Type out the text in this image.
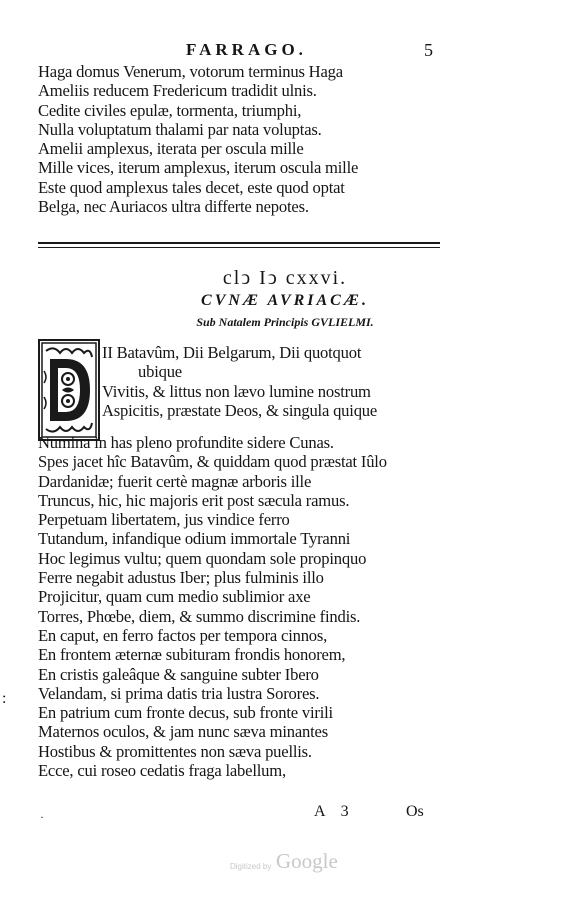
FARRAGO.	5

Haga domus Venerum, votorum terminus Haga

Ameliis reducem Fredericum tradidit ulnis.

Cedite civiles epulæ, tormenta, triumphi,

Nulla voluptatum thalami par nata voluptas.

Amelii amplexus, iterata per oscula mille

Mille vices, iterum amplexus, iterum oscula mille

Este quod amplexus tales decet, este quod optat

Belga, nec Auriacos ultra differte nepotes.

clↄ Iↄ cxxvi.
CVNÆ AVRIACÆ.
Sub Natalem Principis GVLIELMI.

II Batavûm, Dii Belgarum, Dii quotquot

ubique

Vivitis, & littus non lævo lumine nostrum

Aspicitis, præstate Deos, & singula quique

Numina in has pleno profundite sidere Cunas.

Spes jacet hîc Batavûm, & quiddam quod præstat Iûlo

Dardanidæ; fuerit certè magnæ arboris ille

Truncus, hic, hic majoris erit post sæcula ramus.

Perpetuam libertatem, jus vindice ferro

Tutandum, infandique odium immortale Tyranni

Hoc legimus vultu; quem quondam sole propinquo

Ferre negabit adustus Iber; plus fulminis illo

Projicitur, quam cum medio sublimior axe

Torres, Phœbe, diem, & summo discrimine findis.

En caput, en ferro factos per tempora cinnos,

En frontem æternæ subituram frondis honorem,

En cristis galeâque & sanguine subter Ibero

Velandam, si prima datis tria lustra Sorores.

En patrium cum fronte decus, sub fronte virili

Maternos oculos, & jam nunc sæva minantes

Hostibus & promittentes non sæva puellis.

Ecce, cui roseo cedatis fraga labellum,

:
·	A 3	Os
Digitized by Google
